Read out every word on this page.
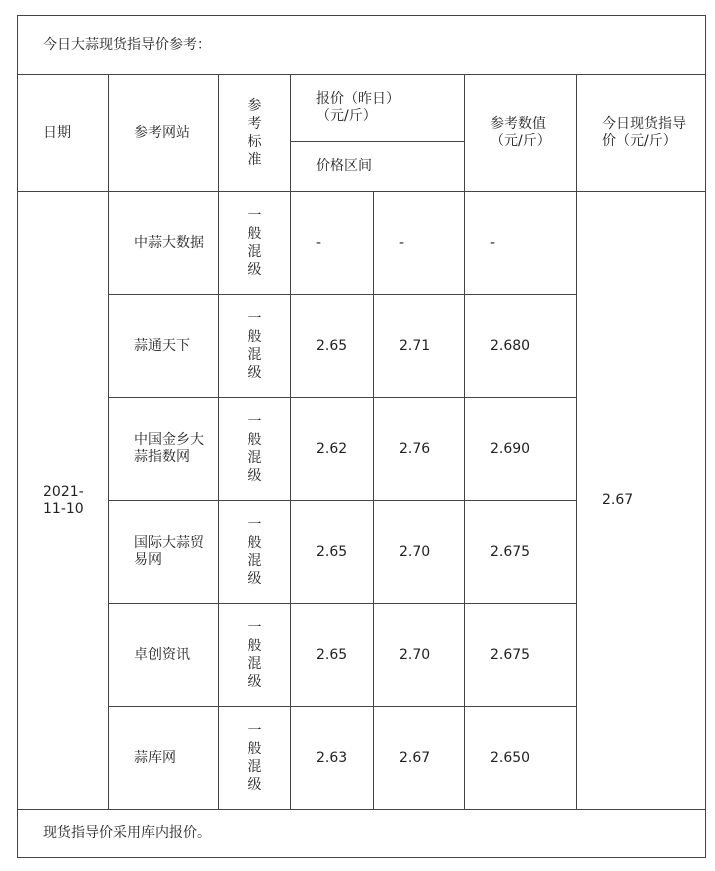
今日大蒜现货指导价参考：						
日期	参考网站	参考标准	报价（昨日）（元/斤）		参考数值（元/斤）	今日现货指导价（元/斤）

			价格区间			

2021-11-10	中蒜大数据	一般混级	-	-	-	2.67

	蒜通天下	一般混级	2.65	2.71	2.680	

	中国金乡大蒜指数网	一般混级	2.62	2.76	2.690	

	国际大蒜贸易网	一般混级	2.65	2.70	2.675	

	卓创资讯	一般混级	2.65	2.70	2.675	

	蒜库网	一般混级	2.63	2.67	2.650	
现货指导价采用库内报价。						
